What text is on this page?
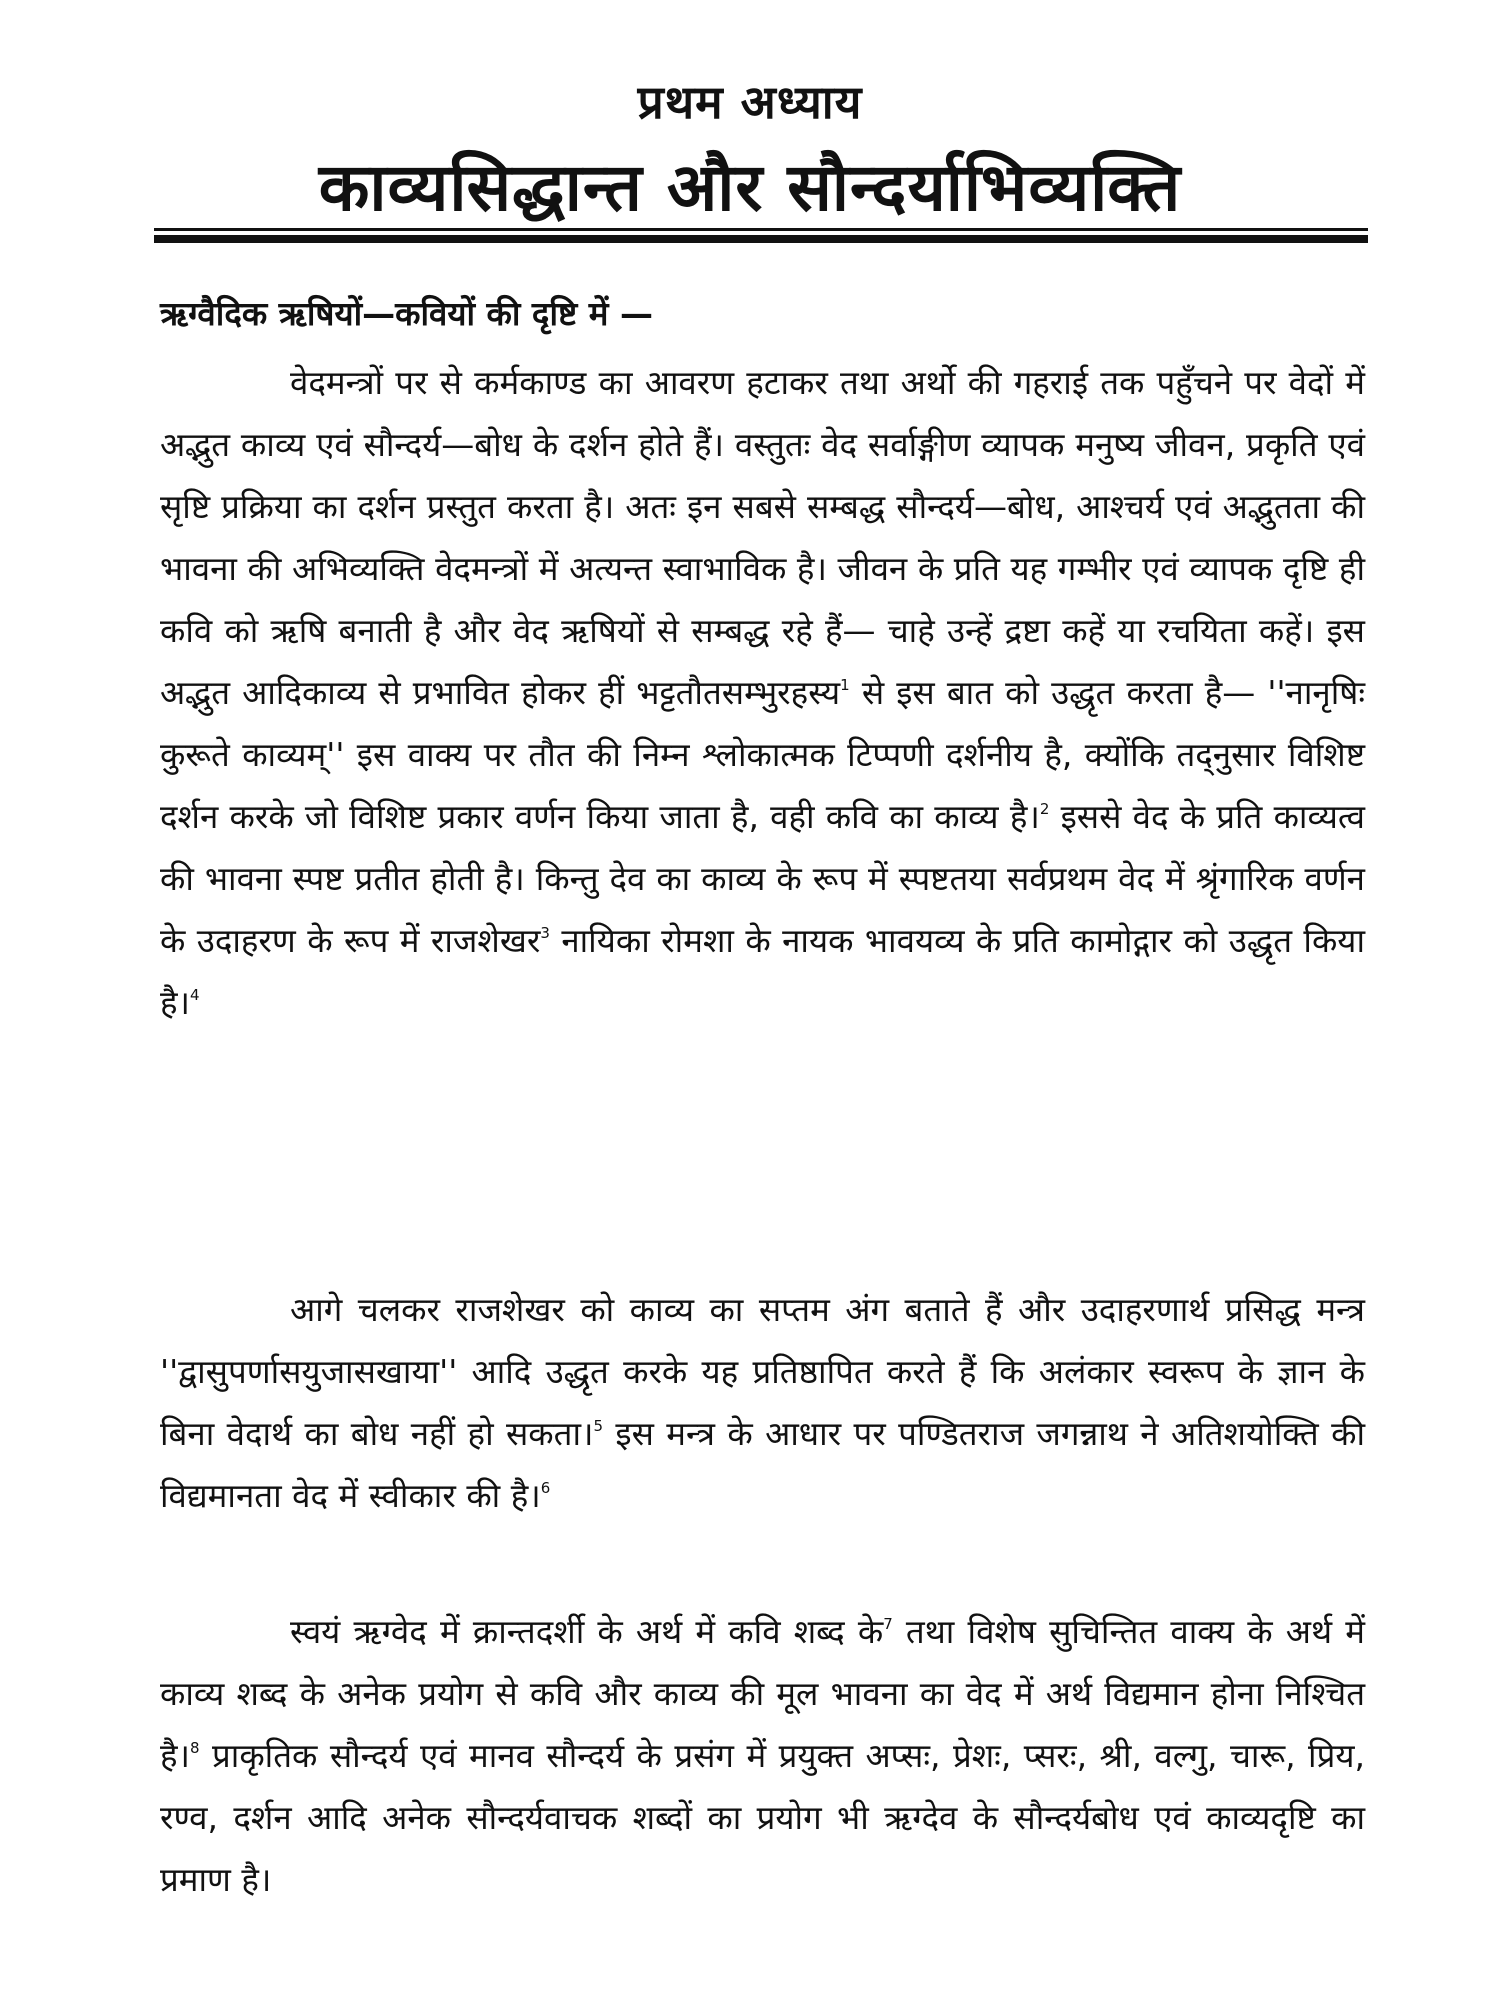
प्रथम अध्याय
काव्यसिद्धान्त और सौन्दर्याभिव्यक्ति
ऋग्वैदिक ऋषियों—कवियों की दृष्टि में —

वेदमन्त्रों पर से कर्मकाण्ड का आवरण हटाकर तथा अर्थो की गहराई तक पहुँचने पर वेदों में अद्भुत काव्य एवं सौन्दर्य—बोध के दर्शन होते हैं। वस्तुतः वेद सर्वाङ्गीण व्यापक मनुष्य जीवन, प्रकृति एवं सृष्टि प्रक्रिया का दर्शन प्रस्तुत करता है। अतः इन सबसे सम्बद्ध सौन्दर्य—बोध, आश्चर्य एवं अद्भुतता की भावना की अभिव्यक्ति वेदमन्त्रों में अत्यन्त स्वाभाविक है। जीवन के प्रति यह गम्भीर एवं व्यापक दृष्टि ही कवि को ऋषि बनाती है और वेद ऋषियों से सम्बद्ध रहे हैं— चाहे उन्हें द्रष्टा कहें या रचयिता कहें। इस अद्भुत आदिकाव्य से प्रभावित होकर हीं भट्टतौतसम्भुरहस्य$^1$ से इस बात को उद्धृत करता है— ''नानृषिः कुरूते काव्यम्'' इस वाक्य पर तौत की निम्न श्लोकात्मक टिप्पणी दर्शनीय है, क्योंकि तद्नुसार विशिष्ट दर्शन करके जो विशिष्ट प्रकार वर्णन किया जाता है, वही कवि का काव्य है।$^2$ इससे वेद के प्रति काव्यत्व की भावना स्पष्ट प्रतीत होती है। किन्तु देव का काव्य के रूप में स्पष्टतया सर्वप्रथम वेद में श्रृंगारिक वर्णन के उदाहरण के रूप में राजशेखर$^3$ नायिका रोमशा के नायक भावयव्य के प्रति कामोद्गार को उद्धृत किया है।$^4$

आगे चलकर राजशेखर को काव्य का सप्तम अंग बताते हैं और उदाहरणार्थ प्रसिद्ध मन्त्र ''द्वासुपर्णासयुजासखाया'' आदि उद्धृत करके यह प्रतिष्ठापित करते हैं कि अलंकार स्वरूप के ज्ञान के बिना वेदार्थ का बोध नहीं हो सकता।$^5$ इस मन्त्र के आधार पर पण्डितराज जगन्नाथ ने अतिशयोक्ति की विद्यमानता वेद में स्वीकार की है।$^6$

स्वयं ऋग्वेद में क्रान्तदर्शी के अर्थ में कवि शब्द के$^7$ तथा विशेष सुचिन्तित वाक्य के अर्थ में काव्य शब्द के अनेक प्रयोग से कवि और काव्य की मूल भावना का वेद में अर्थ विद्यमान होना निश्चित है।$^8$ प्राकृतिक सौन्दर्य एवं मानव सौन्दर्य के प्रसंग में प्रयुक्त अप्सः, प्रेशः, प्सरः, श्री, वल्गु, चारू, प्रिय, रण्व, दर्शन आदि अनेक सौन्दर्यवाचक शब्दों का प्रयोग भी ऋग्देव के सौन्दर्यबोध एवं काव्यदृष्टि का प्रमाण है।
